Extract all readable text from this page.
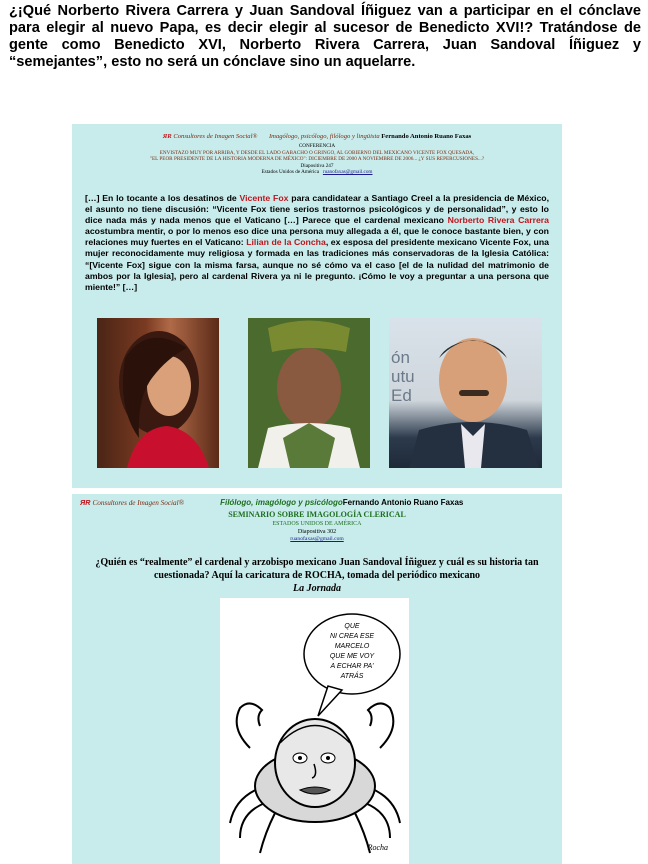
¿¡Qué Norberto Rivera Carrera y Juan Sandoval Íñiguez van a participar en el cónclave para elegir al nuevo Papa, es decir elegir al sucesor de Benedicto XVI!? Tratándose de gente como Benedicto XVI, Norberto Rivera Carrera, Juan Sandoval Íñiguez y “semejantes”, esto no será un cónclave sino un aquelarre.

ЯR Consultores de Imagen Social® Imagólogo, psicólogo, filólogo y lingüista Fernando Antonio Ruano Faxas
CONFERENCIA
ENVISTAZO MUY POR ARRIBA, Y DESDE EL LADO GABACHO O GRINGO, AL GOBIERNO DEL MEXICANO VICENTE FOX QUESADA,
"EL PEOR PRESIDENTE DE LA HISTORIA MODERNA DE MÉXICO": DICIEMBRE DE 2000 A NOVIEMBRE DE 2006... ¿Y SUS REPERCUSIONES...?
Diapositiva 247
Estados Unidos de América ruanofaxas@gmail.com

[…] En lo tocante a los desatinos de Vicente Fox para candidatear a Santiago Creel a la presidencia de México, el asunto no tiene discusión: “Vicente Fox tiene serios trastornos psicológicos y de personalidad”, y esto lo dice nada más y nada menos que el Vaticano […] Parece que el cardenal mexicano Norberto Rivera Carrera acostumbra mentir, o por lo menos eso dice una persona muy allegada a él, que le conoce bastante bien, y con relaciones muy fuertes en el Vaticano: Lilian de la Concha, ex esposa del presidente mexicano Vicente Fox, una mujer reconocidamente muy religiosa y formada en las tradiciones más conservadoras de la Iglesia Católica: “[Vicente Fox] sigue con la misma farsa, aunque no sé cómo va el caso [el de la nulidad del matrimonio de ambos por la Iglesia], pero al cardenal Rivera ya ni le pregunto. ¡Cómo le voy a preguntar a una persona que miente!” […]

ón
utu
Ed
ЯR Consultores de Imagen Social®	Filólogo, imagólogo y psicólogoFernando Antonio Ruano Faxas
SEMINARIO SOBRE IMAGOLOGÍA CLERICAL
ESTADOS UNIDOS DE AMÉRICA
Diapositiva 302
ruanofaxas@gmail.com

¿Quién es “realmente” el cardenal y arzobispo mexicano Juan Sandoval Íñiguez y cuál es su historia tan cuestionada? Aquí la caricatura de ROCHA, tomada del periódico mexicano
La Jornada

QUE
NI CREA ESE
MARCELO
QUE ME VOY
A ECHAR PA'
ATRÁS
Rocha
